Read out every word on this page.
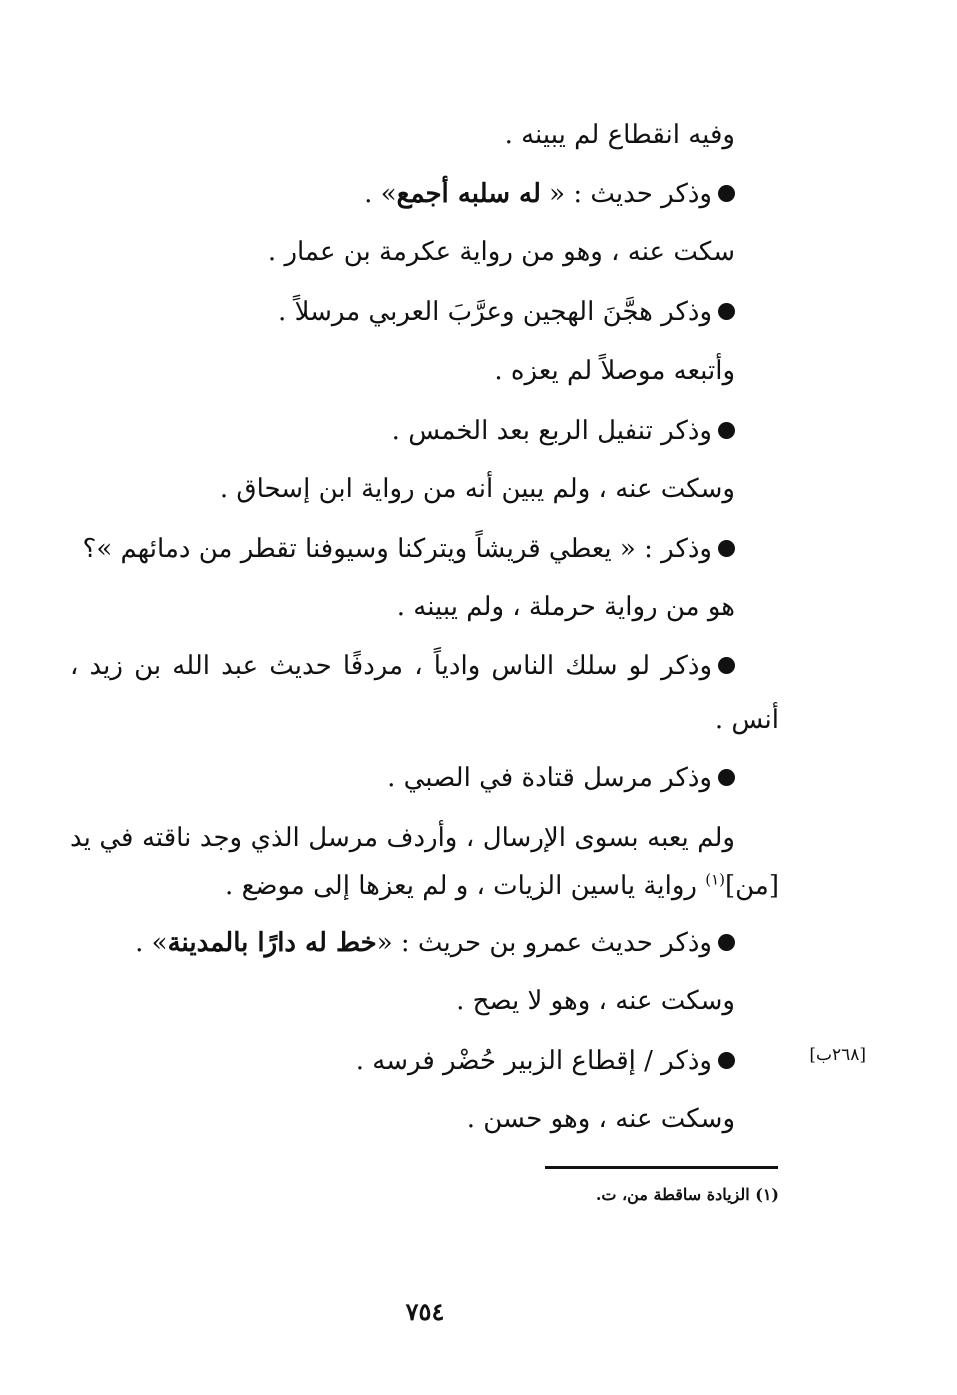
وفيه انقطاع لم يبينه .
وذكر حديث : « له سلبه أجمع» .
سكت عنه ، وهو من رواية عكرمة بن عمار .
وذكر هجَّنَ الهجين وعرَّبَ العربي مرسلاً .
وأتبعه موصلاً لم يعزه .
وذكر تنفيل الربع بعد الخمس .
وسكت عنه ، ولم يبين أنه من رواية ابن إسحاق .
وذكر : « يعطي قريشاً ويتركنا وسيوفنا تقطر من دمائهم »؟
هو من رواية حرملة ، ولم يبينه .
وذكر لو سلك الناس وادياً ، مردفًا حديث عبد الله بن زيد ،
أنس .
وذكر مرسل قتادة في الصبي .
ولم يعبه بسوى الإرسال ، وأردف مرسل الذي وجد ناقته في يد
[من]$^{(١)}$ رواية ياسين الزيات ، و لم يعزها إلى موضع .
وذكر حديث عمرو بن حريث : «خط له دارًا بالمدينة» .
وسكت عنه ، وهو لا يصح .
وذكر / إقطاع الزبير حُضْر فرسه .
وسكت عنه ، وهو حسن .
[٢٦٨ب]
(١) الزيادة ساقطة من، ت.
٧٥٤
